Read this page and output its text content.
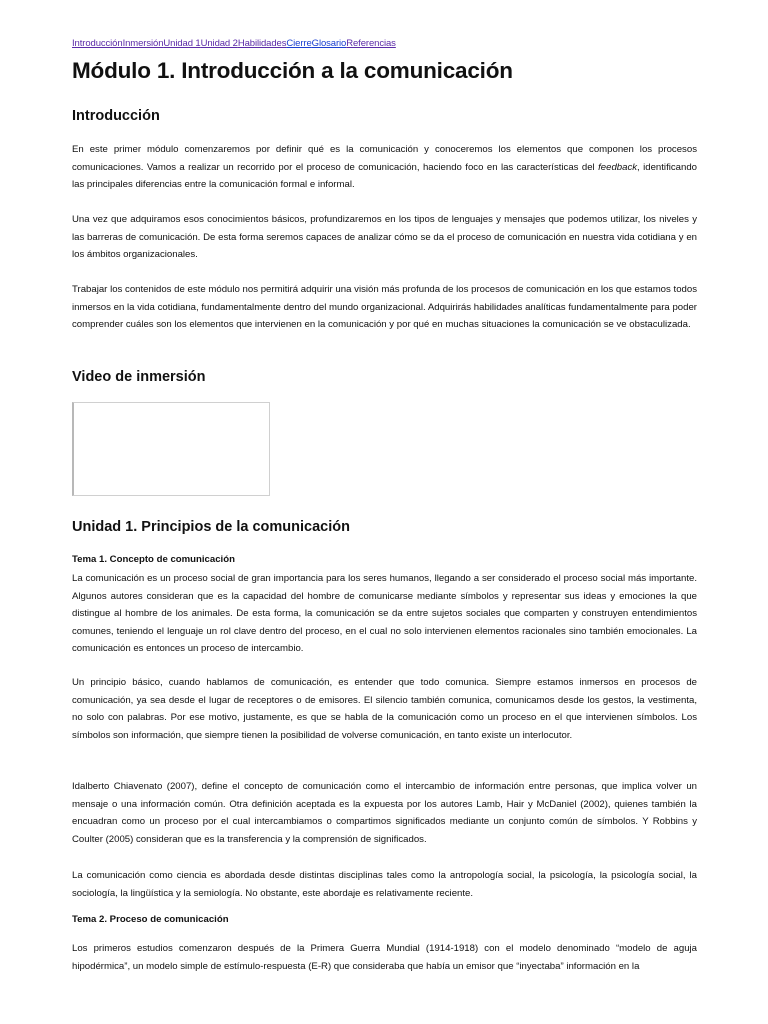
IntroducciónInmersiónUnidad 1Unidad 2HabilidadesCierreGlosarioReferencias
Módulo 1. Introducción a la comunicación
Introducción

En este primer módulo comenzaremos por definir qué es la comunicación y conoceremos los elementos que componen los procesos comunicaciones. Vamos a realizar un recorrido por el proceso de comunicación, haciendo foco en las características del feedback, identificando las principales diferencias entre la comunicación formal e informal.

Una vez que adquiramos esos conocimientos básicos, profundizaremos en los tipos de lenguajes y mensajes que podemos utilizar, los niveles y las barreras de comunicación. De esta forma seremos capaces de analizar cómo se da el proceso de comunicación en nuestra vida cotidiana y en los ámbitos organizacionales.

Trabajar los contenidos de este módulo nos permitirá adquirir una visión más profunda de los procesos de comunicación en los que estamos todos inmersos en la vida cotidiana, fundamentalmente dentro del mundo organizacional. Adquirirás habilidades analíticas fundamentalmente para poder comprender cuáles son los elementos que intervienen en la comunicación y por qué en muchas situaciones la comunicación se ve obstaculizada.

Video de inmersión
Unidad 1. Principios de la comunicación
Tema 1. Concepto de comunicación

La comunicación es un proceso social de gran importancia para los seres humanos, llegando a ser considerado el proceso social más importante. Algunos autores consideran que es la capacidad del hombre de comunicarse mediante símbolos y representar sus ideas y emociones la que distingue al hombre de los animales. De esta forma, la comunicación se da entre sujetos sociales que comparten y construyen entendimientos comunes, teniendo el lenguaje un rol clave dentro del proceso, en el cual no solo intervienen elementos racionales sino también emocionales. La comunicación es entonces un proceso de intercambio.

Un principio básico, cuando hablamos de comunicación, es entender que todo comunica. Siempre estamos inmersos en procesos de comunicación, ya sea desde el lugar de receptores o de emisores. El silencio también comunica, comunicamos desde los gestos, la vestimenta, no solo con palabras. Por ese motivo, justamente, es que se habla de la comunicación como un proceso en el que intervienen símbolos. Los símbolos son información, que siempre tienen la posibilidad de volverse comunicación, en tanto existe un interlocutor.

Idalberto Chiavenato (2007), define el concepto de comunicación como el intercambio de información entre personas, que implica volver un mensaje o una información común. Otra definición aceptada es la expuesta por los autores Lamb, Hair y McDaniel (2002), quienes también la encuadran como un proceso por el cual intercambiamos o compartimos significados mediante un conjunto común de símbolos. Y Robbins y Coulter (2005) consideran que es la transferencia y la comprensión de significados.

La comunicación como ciencia es abordada desde distintas disciplinas tales como la antropología social, la psicología, la psicología social, la sociología, la lingüística y la semiología. No obstante, este abordaje es relativamente reciente.

Tema 2. Proceso de comunicación

Los primeros estudios comenzaron después de la Primera Guerra Mundial (1914-1918) con el modelo denominado “modelo de aguja hipodérmica”, un modelo simple de estímulo-respuesta (E-R) que consideraba que había un emisor que “inyectaba” información en la
